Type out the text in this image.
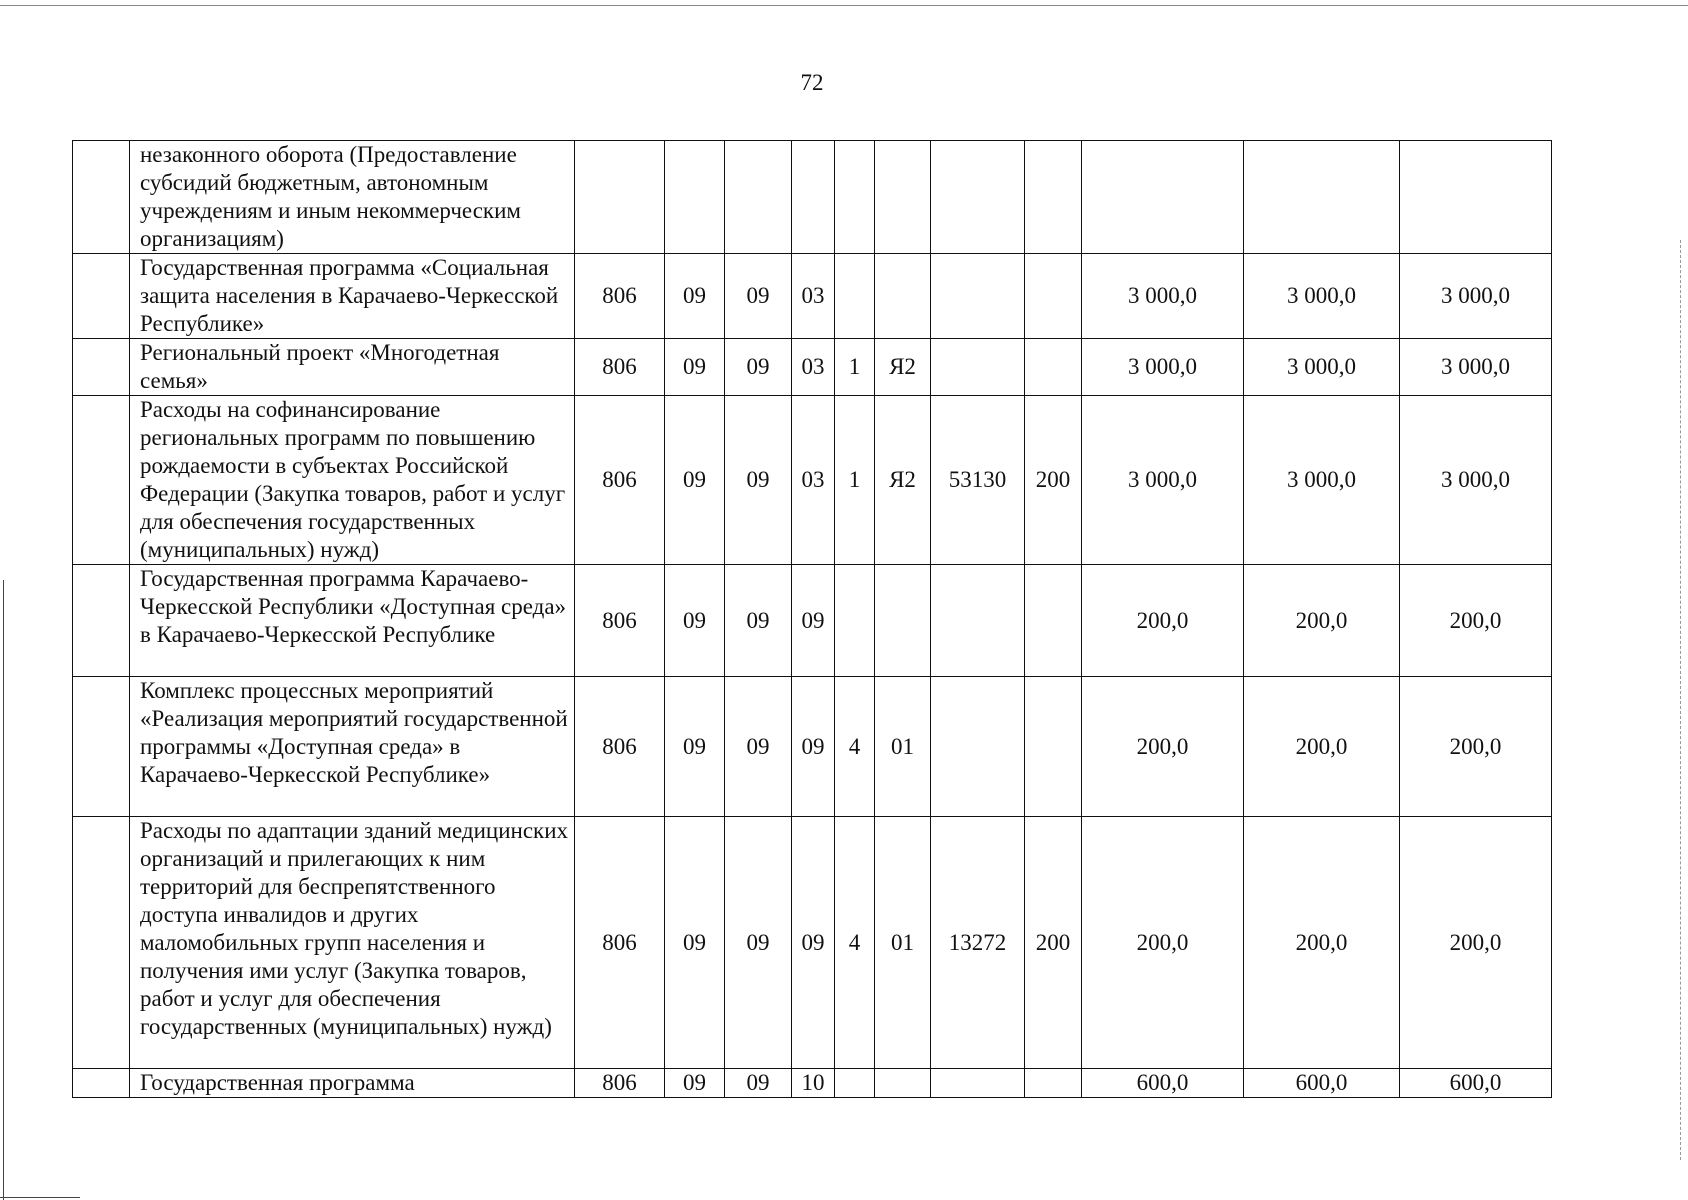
72
	незаконного оборота (Предоставление субсидий бюджетным, автономным учреждениям и иным некоммерческим организациям)											
	Государственная программа «Социальная защита населения в Карачаево-Черкесской Республике»	806	09	09	03					3 000,0	3 000,0	3 000,0
	Региональный проект «Многодетная семья»	806	09	09	03	1	Я2			3 000,0	3 000,0	3 000,0
	Расходы на софинансирование региональных программ по повышению рождаемости в субъектах Российской Федерации (Закупка товаров, работ и услуг для обеспечения государственных (муниципальных) нужд)	806	09	09	03	1	Я2	53130	200	3 000,0	3 000,0	3 000,0
	Государственная программа Карачаево-Черкесской Республики «Доступная среда» в Карачаево-Черкесской Республике	806	09	09	09					200,0	200,0	200,0
	Комплекс процессных мероприятий «Реализация мероприятий государственной программы «Доступная среда» в Карачаево-Черкесской Республике»	806	09	09	09	4	01			200,0	200,0	200,0
	Расходы по адаптации зданий медицинских организаций и прилегающих к ним территорий для беспрепятственного доступа инвалидов и других маломобильных групп населения и получения ими услуг (Закупка товаров, работ и услуг для обеспечения государственных (муниципальных) нужд)	806	09	09	09	4	01	13272	200	200,0	200,0	200,0
	Государственная программа	806	09	09	10					600,0	600,0	600,0
